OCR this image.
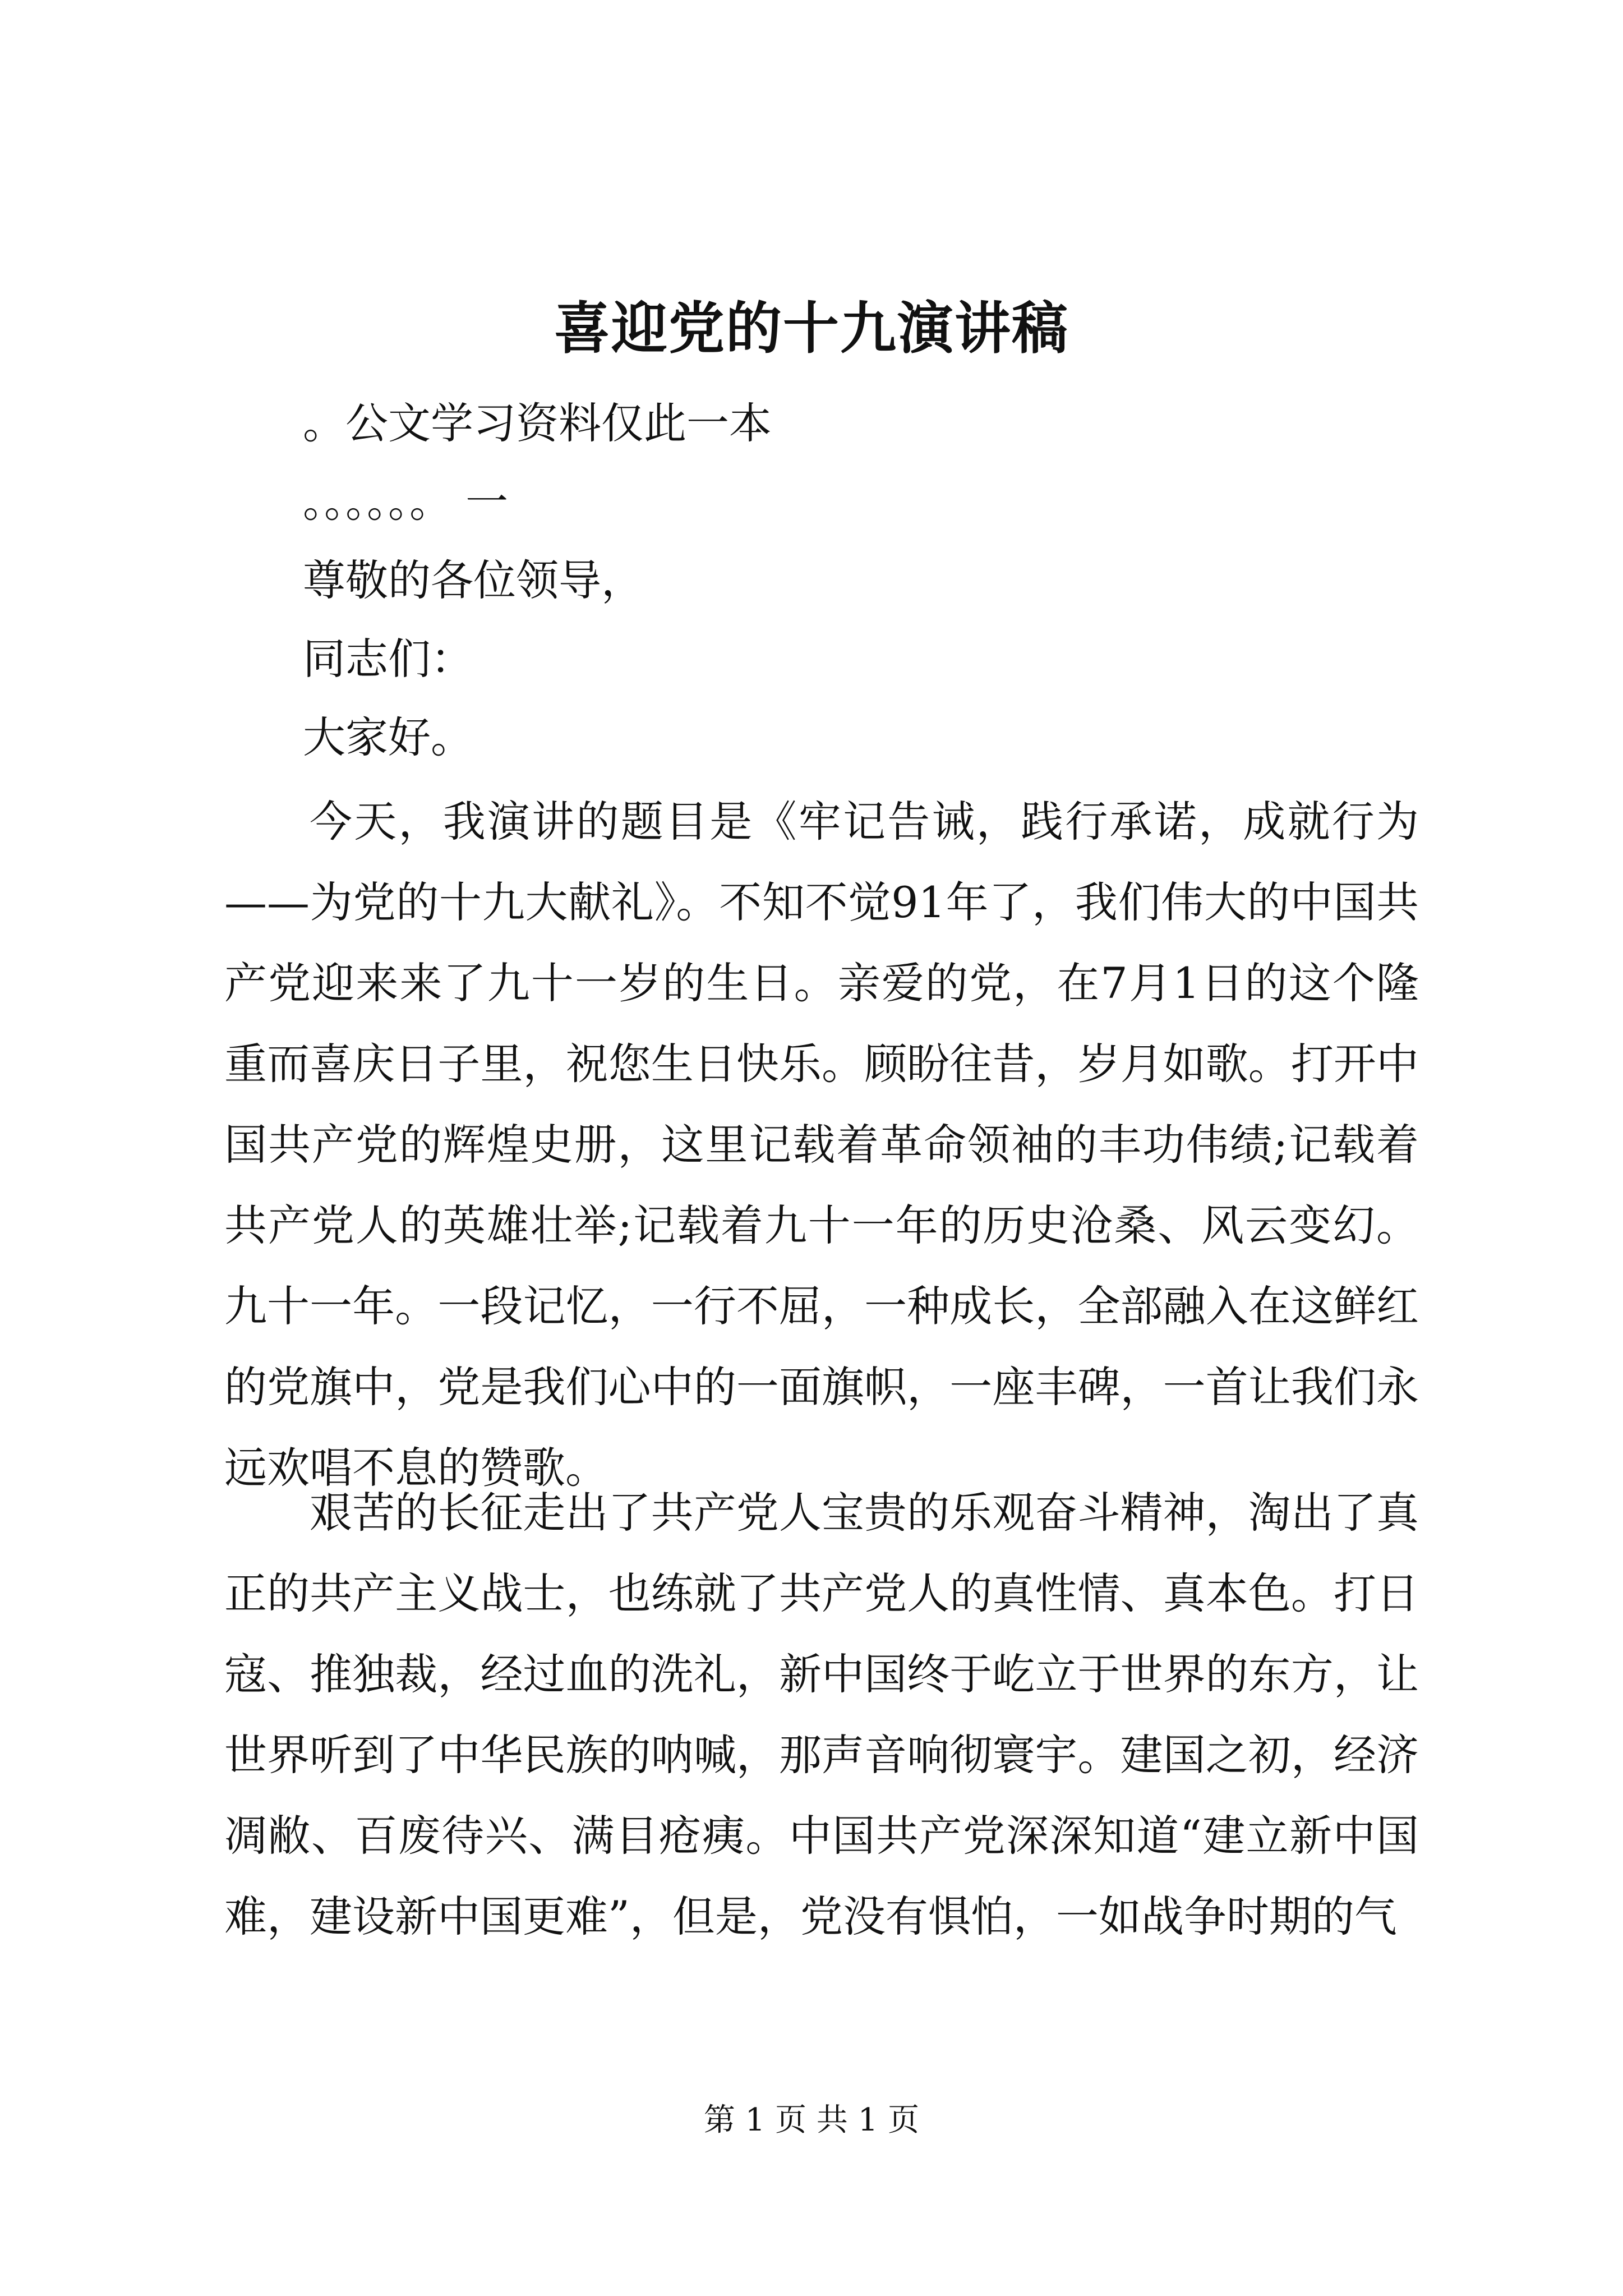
喜迎党的十九演讲稿

。公文学习资料仅此一本

。。。。。。 一

尊敬的各位领导，

同志们：

大家好。

今天，我演讲的题目是《牢记告诫，践行承诺，成就行为——为党的十九大献礼》。不知不觉91年了，我们伟大的中国共产党迎来来了九十一岁的生日。亲爱的党，在7月1日的这个隆重而喜庆日子里，祝您生日快乐。顾盼往昔，岁月如歌。打开中国共产党的辉煌史册，这里记载着革命领袖的丰功伟绩;记载着共产党人的英雄壮举;记载着九十一年的历史沧桑、风云变幻。九十一年。一段记忆，一行不屈，一种成长，全部融入在这鲜红的党旗中，党是我们心中的一面旗帜，一座丰碑，一首让我们永远欢唱不息的赞歌。

艰苦的长征走出了共产党人宝贵的乐观奋斗精神，淘出了真正的共产主义战士，也练就了共产党人的真性情、真本色。打日寇、推独裁，经过血的洗礼，新中国终于屹立于世界的东方，让世界听到了中华民族的呐喊，那声音响彻寰宇。建国之初，经济凋敝、百废待兴、满目疮痍。中国共产党深深知道“建立新中国难，建设新中国更难”，但是，党没有惧怕，一如战争时期的气

第 1 页 共 1 页
